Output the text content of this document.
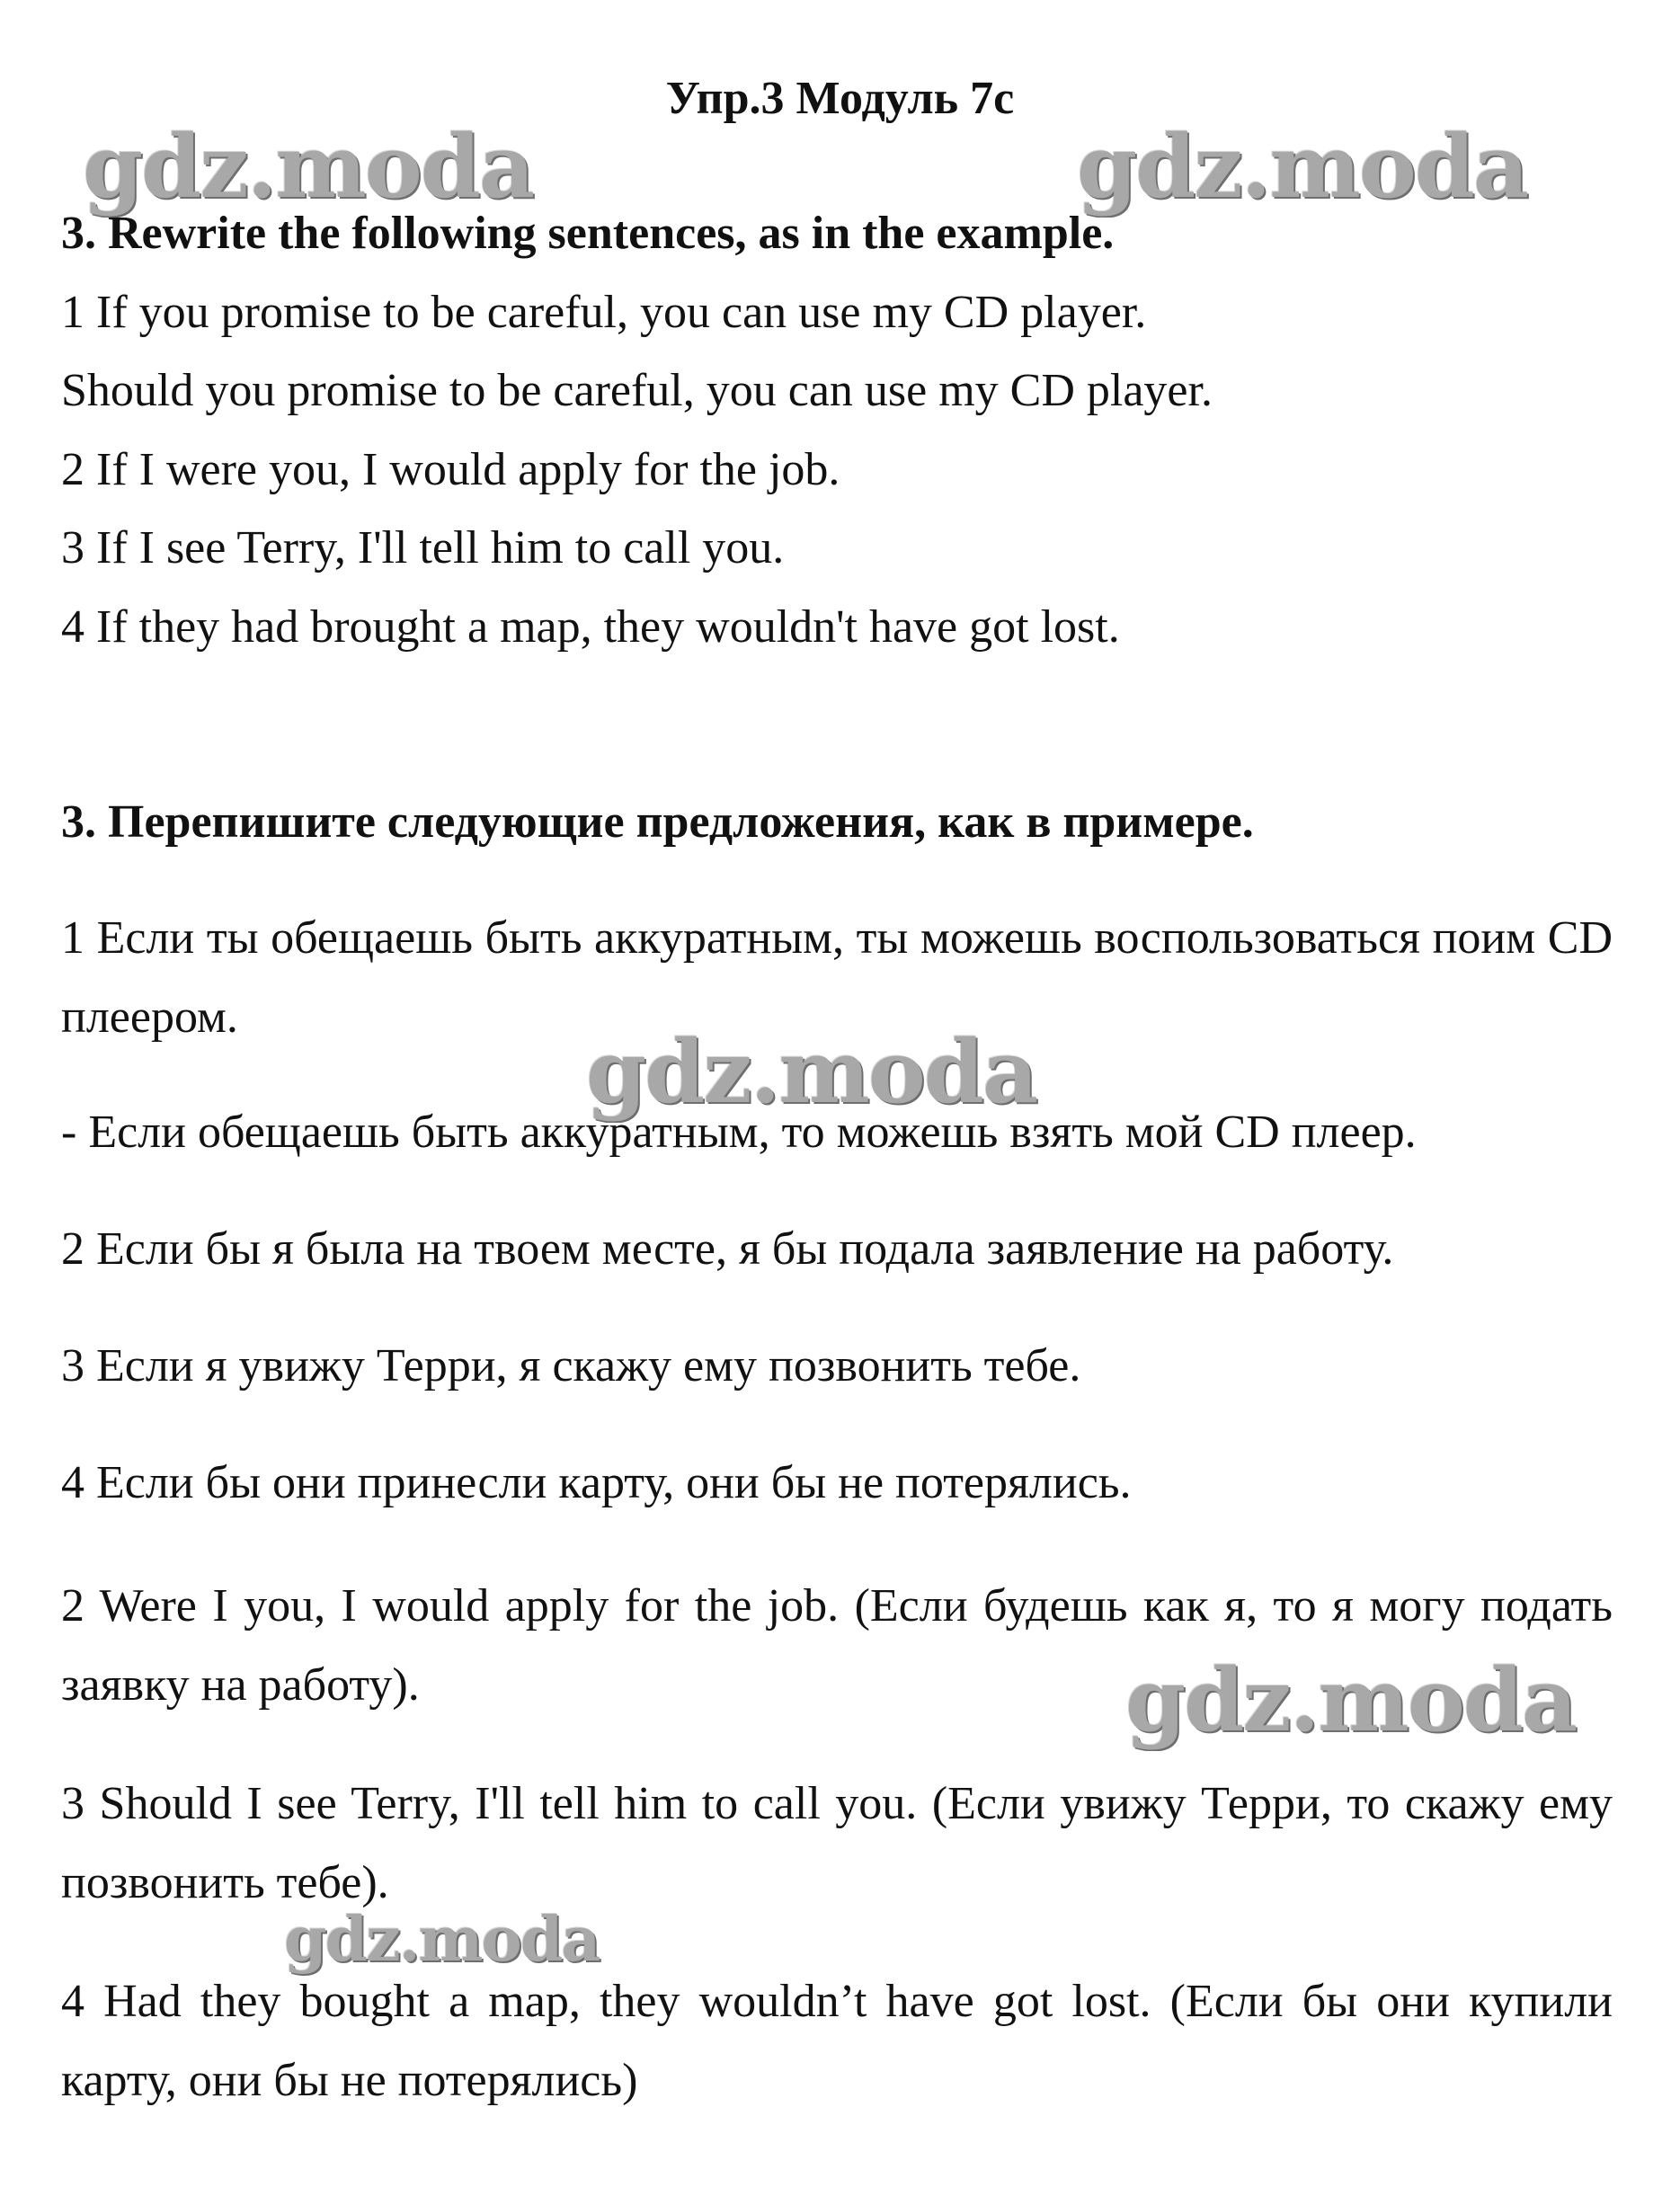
Упр.3 Модуль 7с
gdz.moda	gdz.moda
gdz.moda
gdz.moda
gdz.moda
3. Rewrite the following sentences, as in the example.
1 If you promise to be careful, you can use my CD player.
Should you promise to be careful, you can use my CD player.
2 If I were you, I would apply for the job.
3 If I see Terry, I'll tell him to call you.
4 If they had brought a map, they wouldn't have got lost.
3. Перепишите следующие предложения, как в примере.
1 Если ты обещаешь быть аккуратным, ты можешь воспользоваться поим CD плеером.
- Если обещаешь быть аккуратным, то можешь взять мой CD плеер.
2 Если бы я была на твоем месте, я бы подала заявление на работу.
3 Если я увижу Терри, я скажу ему позвонить тебе.
4 Если бы они принесли карту, они бы не потерялись.
2 Were I you, I would apply for the job. (Если будешь как я, то я могу подать заявку на работу).
3 Should I see Terry, I'll tell him to call you. (Если увижу Терри, то скажу ему позвонить тебе).
4 Had they bought a map, they wouldn’t have got lost. (Если бы они купили карту, они бы не потерялись)
